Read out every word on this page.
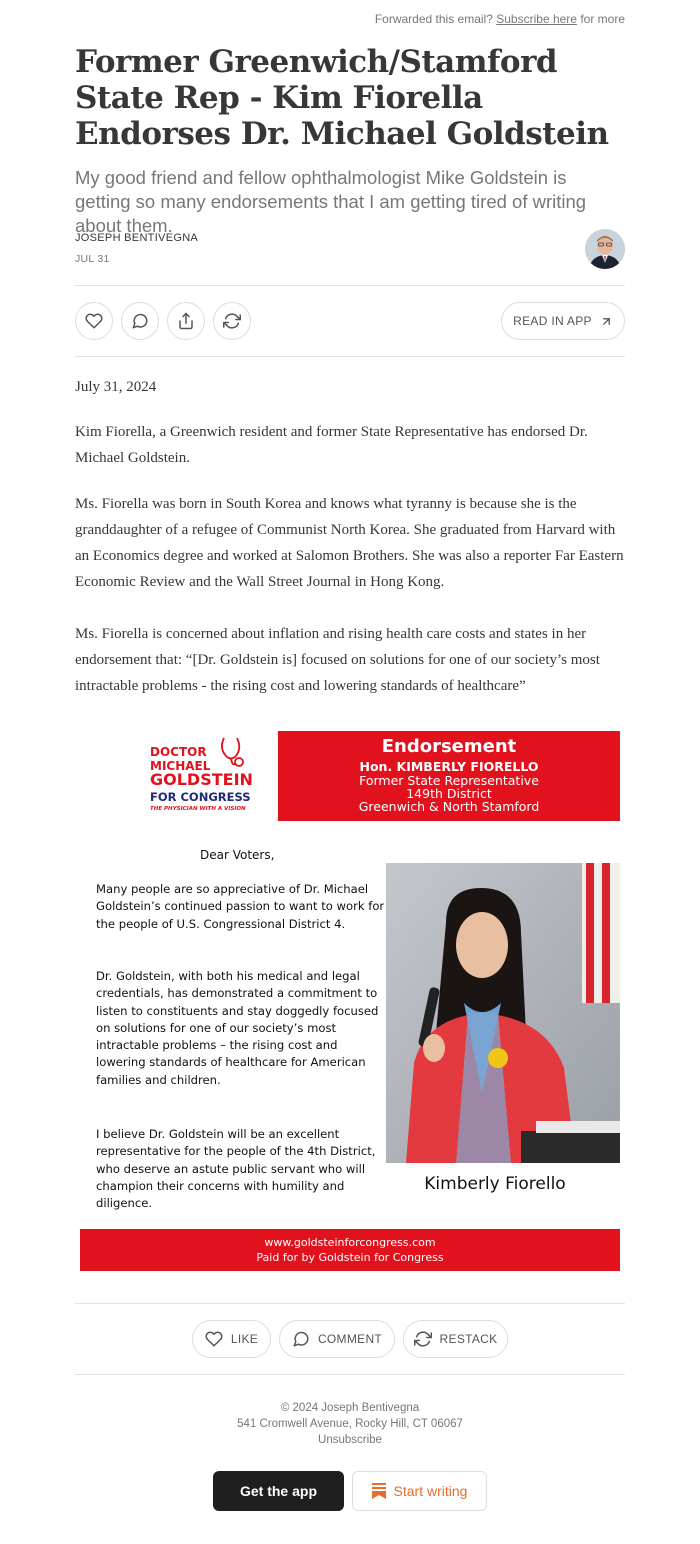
Forwarded this email? Subscribe here for more
Former Greenwich/Stamford State Rep - Kim Fiorella Endorses Dr. Michael Goldstein
My good friend and fellow ophthalmologist Mike Goldstein is getting so many endorsements that I am getting tired of writing about them.
JOSEPH BENTIVEGNA
JUL 31
READ IN APP

July 31, 2024

Kim Fiorella, a Greenwich resident and former State Representative has endorsed Dr. Michael Goldstein.

Ms. Fiorella was born in South Korea and knows what tyranny is because she is the granddaughter of a refugee of Communist North Korea. She graduated from Harvard with an Economics degree and worked at Salomon Brothers. She was also a reporter Far Eastern Economic Review and the Wall Street Journal in Hong Kong.

Ms. Fiorella is concerned about inflation and rising health care costs and states in her endorsement that: “[Dr. Goldstein is] focused on solutions for one of our society’s most intractable problems - the rising cost and lowering standards of healthcare”

DOCTOR
MICHAEL
GOLDSTEIN
FOR CONGRESS
THE PHYSICIAN WITH A VISION
Endorsement
Hon. KIMBERLY FIORELLO
Former State Representative
149th District
Greenwich & North Stamford
Dear Voters,
Many people are so appreciative of Dr. Michael Goldstein’s continued passion to want to work for the people of U.S. Congressional District 4.
Dr. Goldstein, with both his medical and legal credentials, has demonstrated a commitment to listen to constituents and stay doggedly focused on solutions for one of our society’s most intractable problems – the rising cost and lowering standards of healthcare for American families and children.
I believe Dr. Goldstein will be an excellent representative for the people of the 4th District, who deserve an astute public servant who will champion their concerns with humility and diligence.
Kimberly Fiorello
www.goldsteinforcongress.com
Paid for by Goldstein for Congress
LIKE	COMMENT	RESTACK
© 2024 Joseph Bentivegna
541 Cromwell Avenue, Rocky Hill, CT 06067
Unsubscribe
Get the app	Start writing
